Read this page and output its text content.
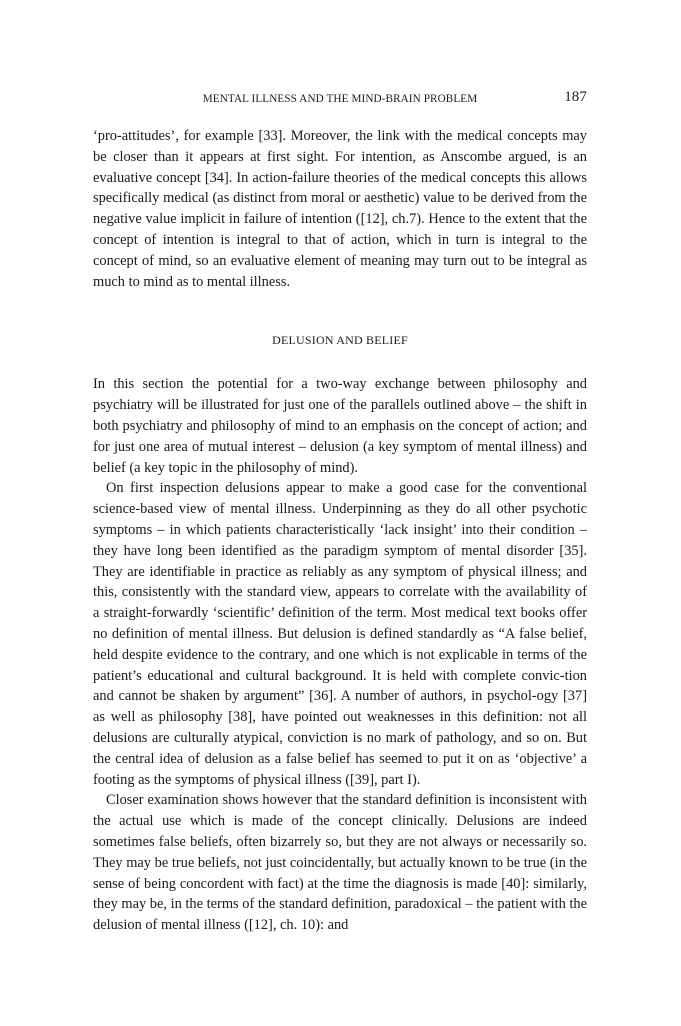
MENTAL ILLNESS AND THE MIND-BRAIN PROBLEM	187

‘pro-attitudes’, for example [33]. Moreover, the link with the medical concepts may be closer than it appears at first sight. For intention, as Anscombe argued, is an evaluative concept [34]. In action-failure theories of the medical concepts this allows specifically medical (as distinct from moral or aesthetic) value to be derived from the negative value implicit in failure of intention ([12], ch.7). Hence to the extent that the concept of intention is integral to that of action, which in turn is integral to the concept of mind, so an evaluative element of meaning may turn out to be integral as much to mind as to mental illness.

DELUSION AND BELIEF

In this section the potential for a two-way exchange between philosophy and psychiatry will be illustrated for just one of the parallels outlined above – the shift in both psychiatry and philosophy of mind to an emphasis on the concept of action; and for just one area of mutual interest – delusion (a key symptom of mental illness) and belief (a key topic in the philosophy of mind).

On first inspection delusions appear to make a good case for the conventional science-based view of mental illness. Underpinning as they do all other psychotic symptoms – in which patients characteristically ‘lack insight’ into their condition – they have long been identified as the paradigm symptom of mental disorder [35]. They are identifiable in practice as reliably as any symptom of physical illness; and this, consistently with the standard view, appears to correlate with the availability of a straight-forwardly ‘scientific’ definition of the term. Most medical text books offer no definition of mental illness. But delusion is defined standardly as “A false belief, held despite evidence to the contrary, and one which is not explicable in terms of the patient’s educational and cultural background. It is held with complete convic-tion and cannot be shaken by argument” [36]. A number of authors, in psychol-ogy [37] as well as philosophy [38], have pointed out weaknesses in this definition: not all delusions are culturally atypical, conviction is no mark of pathology, and so on. But the central idea of delusion as a false belief has seemed to put it on as ‘objective’ a footing as the symptoms of physical illness ([39], part I).

Closer examination shows however that the standard definition is inconsistent with the actual use which is made of the concept clinically. Delusions are indeed sometimes false beliefs, often bizarrely so, but they are not always or necessarily so. They may be true beliefs, not just coincidentally, but actually known to be true (in the sense of being concordent with fact) at the time the diagnosis is made [40]: similarly, they may be, in the terms of the standard definition, paradoxical – the patient with the delusion of mental illness ([12], ch. 10): and
